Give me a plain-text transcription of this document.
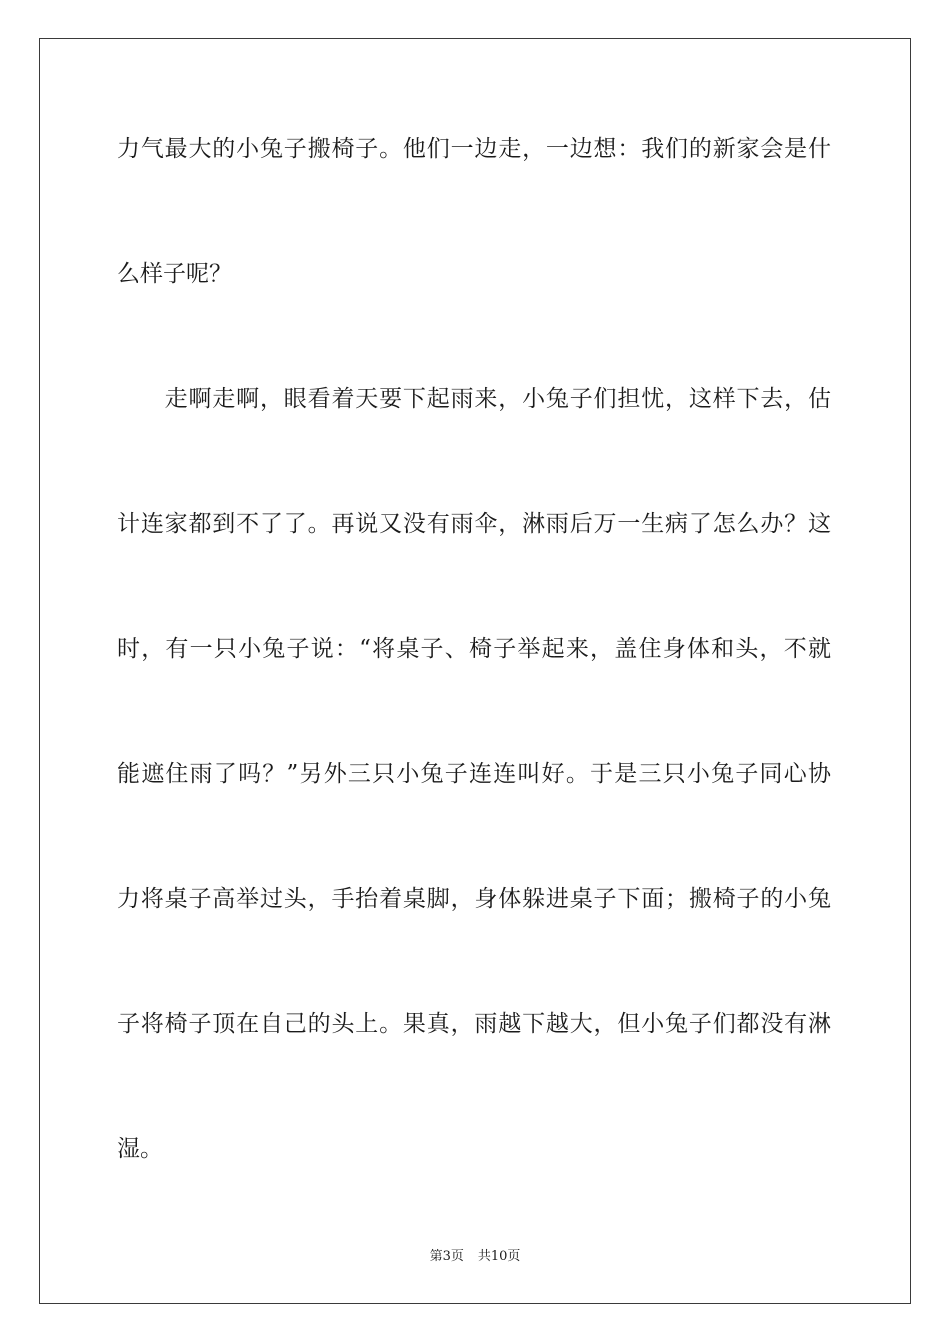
力气最大的小兔子搬椅子。他们一边走，一边想：我们的新家会是什
么样子呢？
　　走啊走啊，眼看着天要下起雨来，小兔子们担忧，这样下去，估
计连家都到不了了。再说又没有雨伞，淋雨后万一生病了怎么办？这
时，有一只小兔子说：“将桌子、椅子举起来，盖住身体和头，不就
能遮住雨了吗？”另外三只小兔子连连叫好。于是三只小兔子同心协
力将桌子高举过头，手抬着桌脚，身体躲进桌子下面；搬椅子的小兔
子将椅子顶在自己的头上。果真，雨越下越大，但小兔子们都没有淋
湿。
第3页 共10页
